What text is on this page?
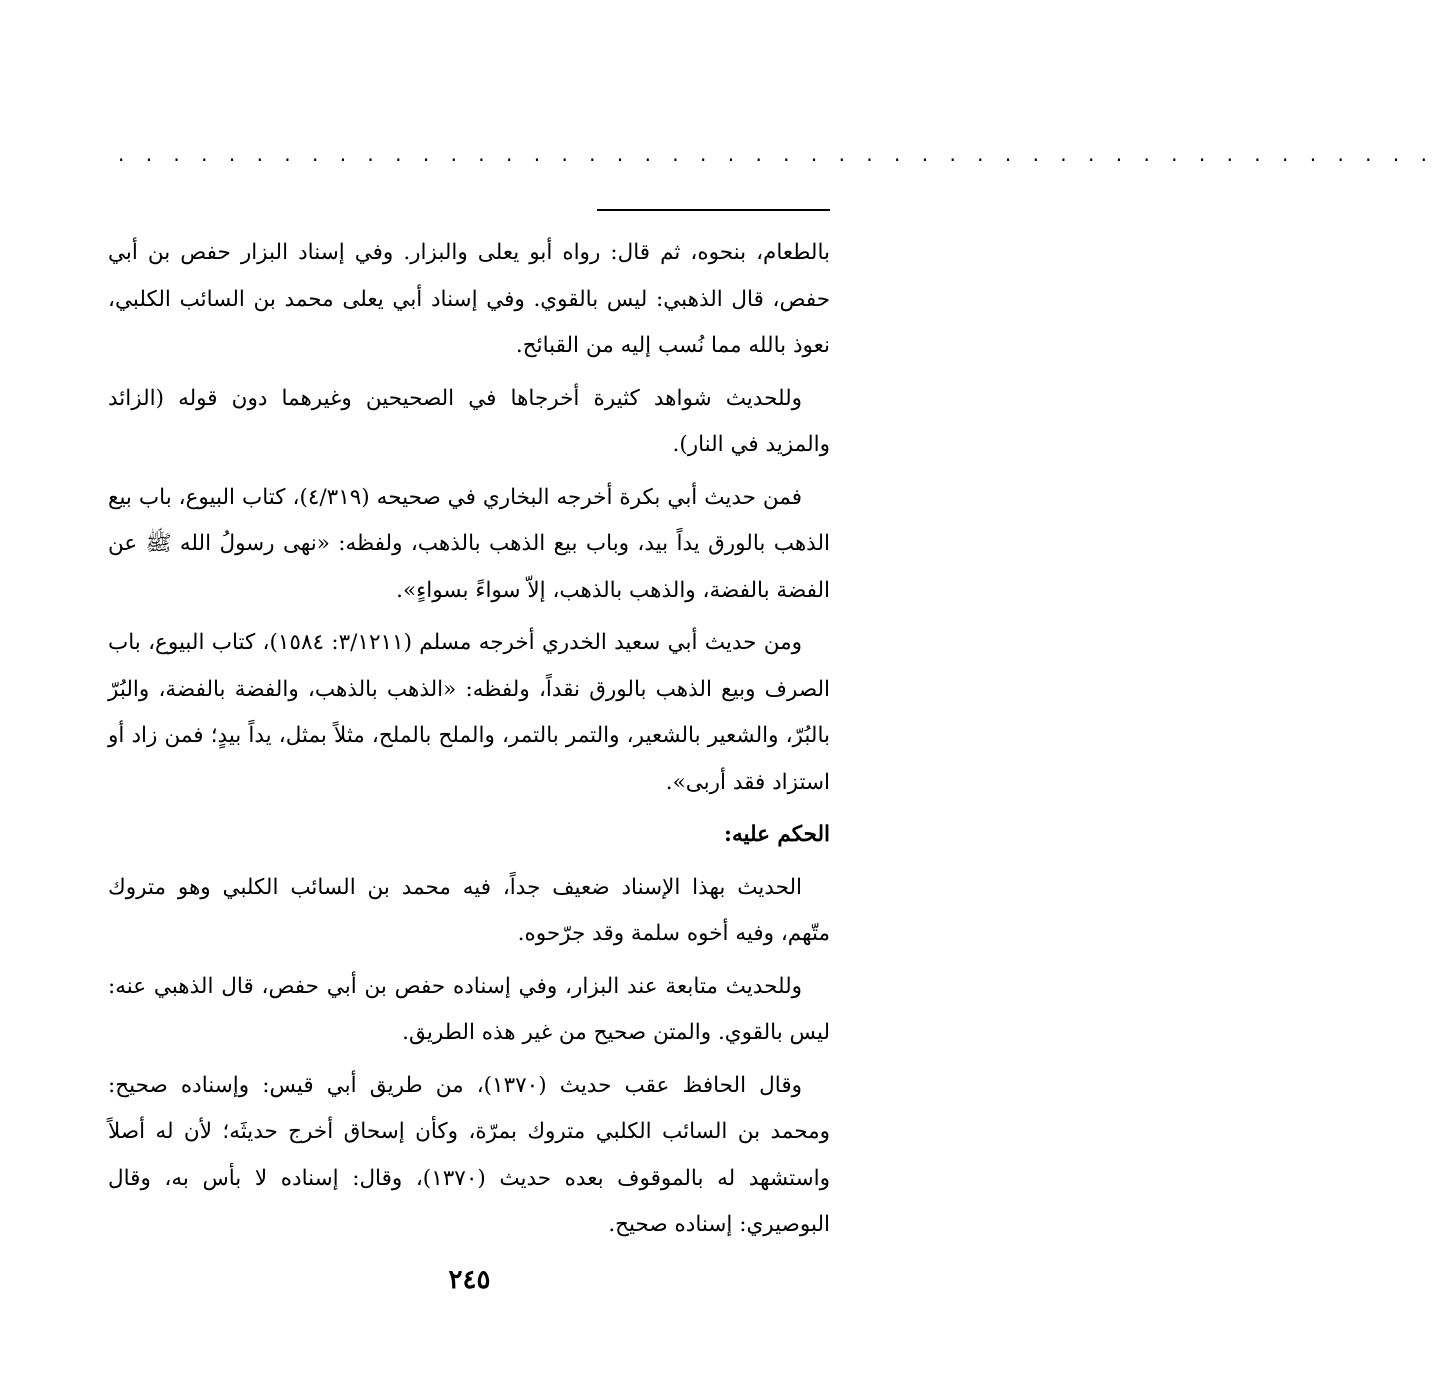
. . . . . . . . . . . . . . . . . . . . . . . . . . . . . . . . . . . . . . . . . . . . . . . .

بالطعام، بنحوه، ثم قال: رواه أبو يعلى والبزار. وفي إسناد البزار حفص بن أبي حفص، قال الذهبي: ليس بالقوي. وفي إسناد أبي يعلى محمد بن السائب الكلبي، نعوذ بالله مما نُسب إليه من القبائح.

وللحديث شواهد كثيرة أخرجاها في الصحيحين وغيرهما دون قوله (الزائد والمزيد في النار).

فمن حديث أبي بكرة أخرجه البخاري في صحيحه (٤/٣١٩)، كتاب البيوع، باب بيع الذهب بالورق يداً بيد، وباب بيع الذهب بالذهب، ولفظه: «نهى رسولُ الله ﷺ عن الفضة بالفضة، والذهب بالذهب، إلاّ سواءً بسواءٍ».

ومن حديث أبي سعيد الخدري أخرجه مسلم (٣/١٢١١: ١٥٨٤)، كتاب البيوع، باب الصرف وبيع الذهب بالورق نقداً، ولفظه: «الذهب بالذهب، والفضة بالفضة، والبُرّ بالبُرّ، والشعير بالشعير، والتمر بالتمر، والملح بالملح، مثلاً بمثل، يداً بيدٍ؛ فمن زاد أو استزاد فقد أربى».

الحكم عليه:

الحديث بهذا الإسناد ضعيف جداً، فيه محمد بن السائب الكلبي وهو متروك متّهم، وفيه أخوه سلمة وقد جرّحوه.

وللحديث متابعة عند البزار، وفي إسناده حفص بن أبي حفص، قال الذهبي عنه: ليس بالقوي. والمتن صحيح من غير هذه الطريق.

وقال الحافظ عقب حديث (١٣٧٠)، من طريق أبي قيس: وإسناده صحيح: ومحمد بن السائب الكلبي متروك بمرّة، وكأن إسحاق أخرج حديثَه؛ لأن له أصلاً واستشهد له بالموقوف بعده حديث (١٣٧٠)، وقال: إسناده لا بأس به، وقال البوصيري: إسناده صحيح.

٢٤٥
